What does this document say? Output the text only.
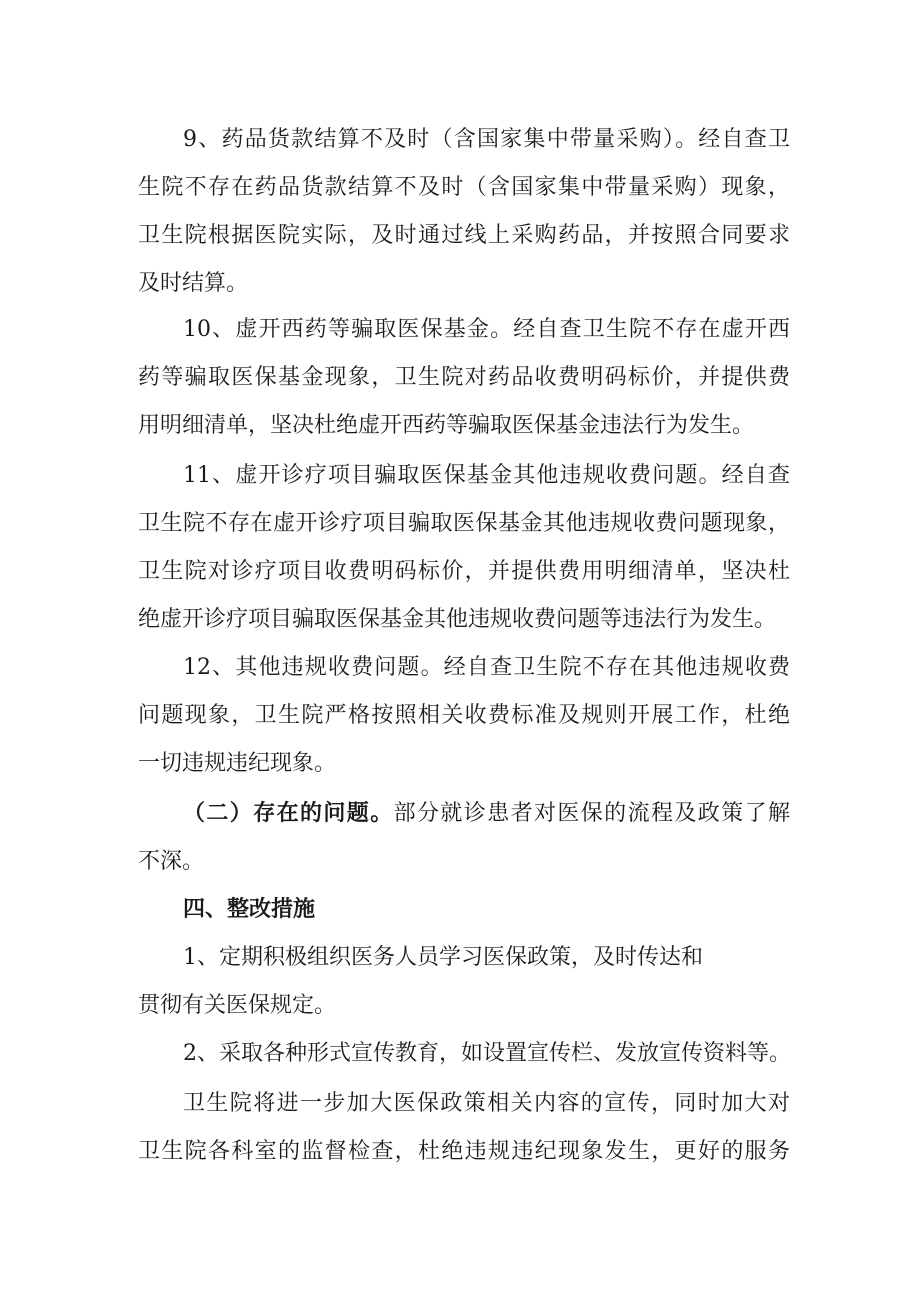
9、药品货款结算不及时（含国家集中带量采购）。经自查卫
生院不存在药品货款结算不及时（含国家集中带量采购）现象，
卫生院根据医院实际，及时通过线上采购药品，并按照合同要求
及时结算。
10、虚开西药等骗取医保基金。经自查卫生院不存在虚开西
药等骗取医保基金现象，卫生院对药品收费明码标价，并提供费
用明细清单，坚决杜绝虚开西药等骗取医保基金违法行为发生。
11、虚开诊疗项目骗取医保基金其他违规收费问题。经自查
卫生院不存在虚开诊疗项目骗取医保基金其他违规收费问题现象，
卫生院对诊疗项目收费明码标价，并提供费用明细清单，坚决杜
绝虚开诊疗项目骗取医保基金其他违规收费问题等违法行为发生。
12、其他违规收费问题。经自查卫生院不存在其他违规收费
问题现象，卫生院严格按照相关收费标准及规则开展工作，杜绝
一切违规违纪现象。
（二）存在的问题。部分就诊患者对医保的流程及政策了解
不深。
四、整改措施
1、定期积极组织医务人员学习医保政策，及时传达和
贯彻有关医保规定。
2、采取各种形式宣传教育，如设置宣传栏、发放宣传资料等。
卫生院将进一步加大医保政策相关内容的宣传，同时加大对
卫生院各科室的监督检查，杜绝违规违纪现象发生，更好的服务
